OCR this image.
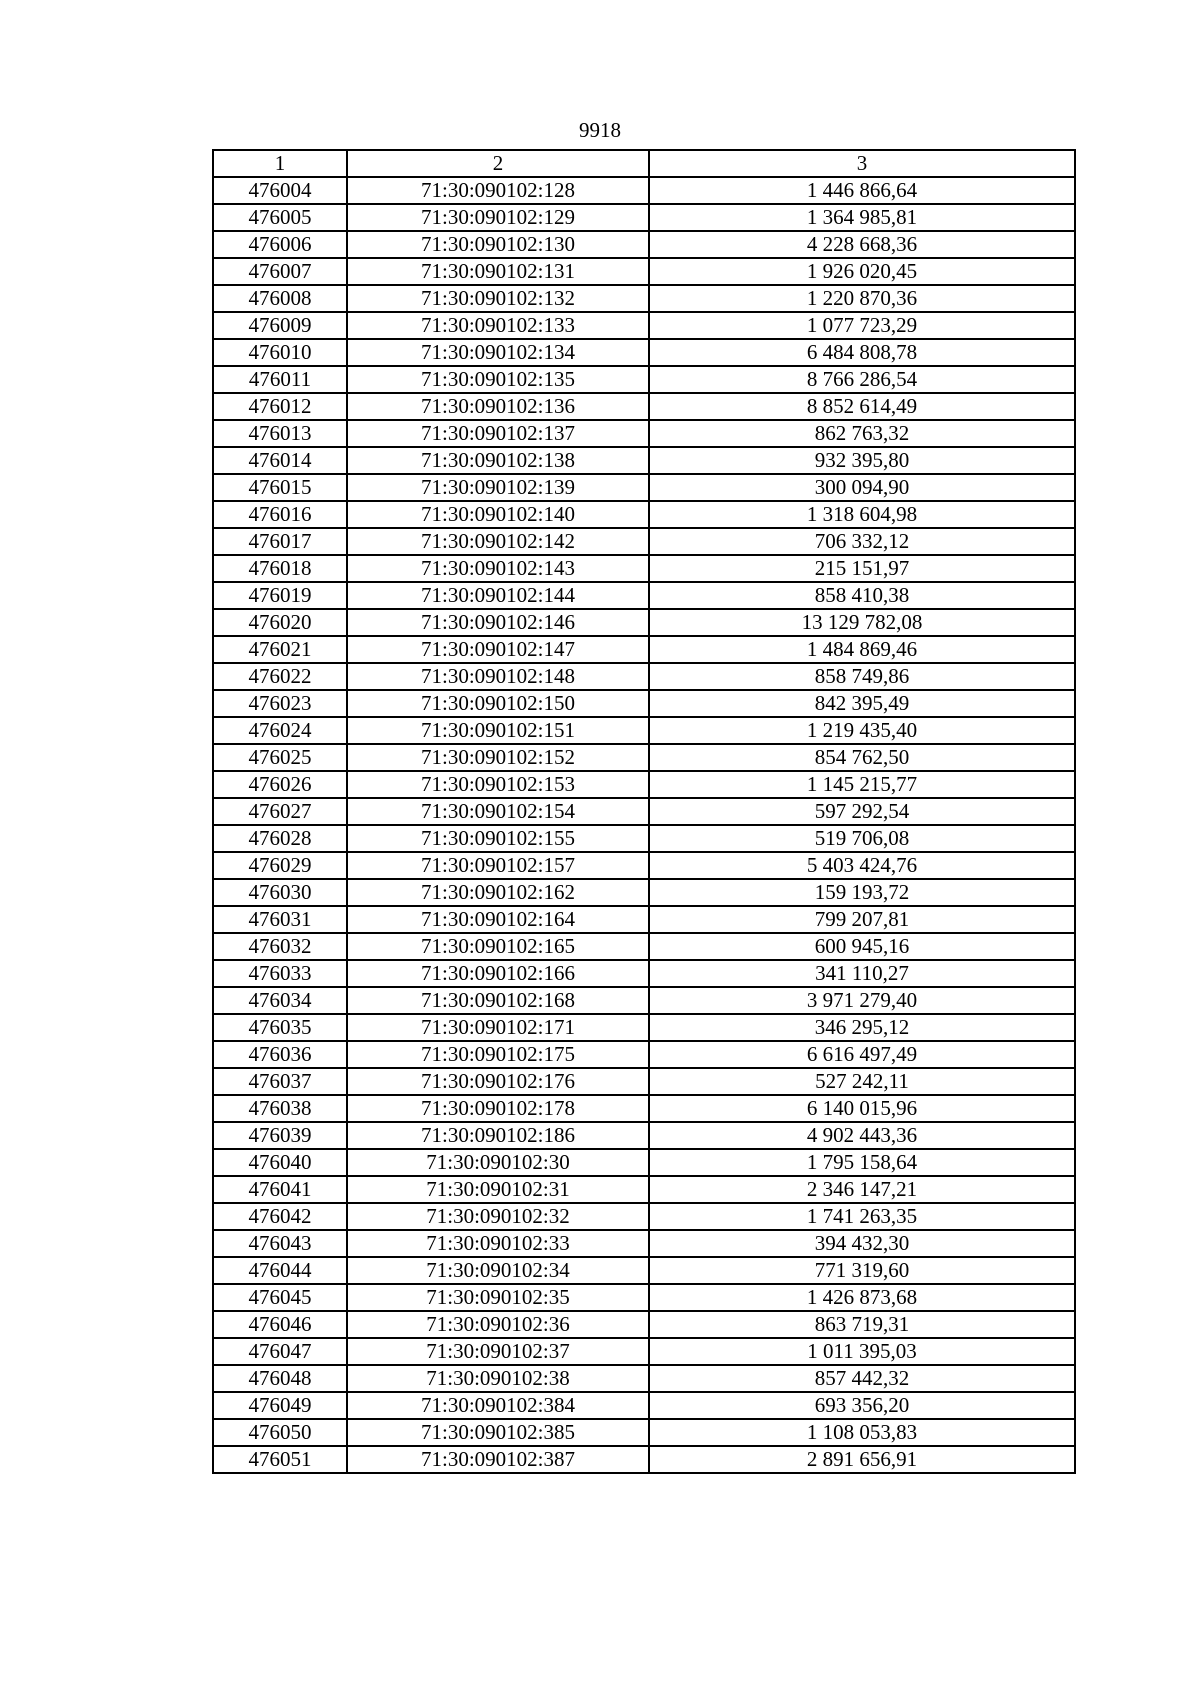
9918
1	2	3
476004	71:30:090102:128	1 446 866,64
476005	71:30:090102:129	1 364 985,81
476006	71:30:090102:130	4 228 668,36
476007	71:30:090102:131	1 926 020,45
476008	71:30:090102:132	1 220 870,36
476009	71:30:090102:133	1 077 723,29
476010	71:30:090102:134	6 484 808,78
476011	71:30:090102:135	8 766 286,54
476012	71:30:090102:136	8 852 614,49
476013	71:30:090102:137	862 763,32
476014	71:30:090102:138	932 395,80
476015	71:30:090102:139	300 094,90
476016	71:30:090102:140	1 318 604,98
476017	71:30:090102:142	706 332,12
476018	71:30:090102:143	215 151,97
476019	71:30:090102:144	858 410,38
476020	71:30:090102:146	13 129 782,08
476021	71:30:090102:147	1 484 869,46
476022	71:30:090102:148	858 749,86
476023	71:30:090102:150	842 395,49
476024	71:30:090102:151	1 219 435,40
476025	71:30:090102:152	854 762,50
476026	71:30:090102:153	1 145 215,77
476027	71:30:090102:154	597 292,54
476028	71:30:090102:155	519 706,08
476029	71:30:090102:157	5 403 424,76
476030	71:30:090102:162	159 193,72
476031	71:30:090102:164	799 207,81
476032	71:30:090102:165	600 945,16
476033	71:30:090102:166	341 110,27
476034	71:30:090102:168	3 971 279,40
476035	71:30:090102:171	346 295,12
476036	71:30:090102:175	6 616 497,49
476037	71:30:090102:176	527 242,11
476038	71:30:090102:178	6 140 015,96
476039	71:30:090102:186	4 902 443,36
476040	71:30:090102:30	1 795 158,64
476041	71:30:090102:31	2 346 147,21
476042	71:30:090102:32	1 741 263,35
476043	71:30:090102:33	394 432,30
476044	71:30:090102:34	771 319,60
476045	71:30:090102:35	1 426 873,68
476046	71:30:090102:36	863 719,31
476047	71:30:090102:37	1 011 395,03
476048	71:30:090102:38	857 442,32
476049	71:30:090102:384	693 356,20
476050	71:30:090102:385	1 108 053,83
476051	71:30:090102:387	2 891 656,91
